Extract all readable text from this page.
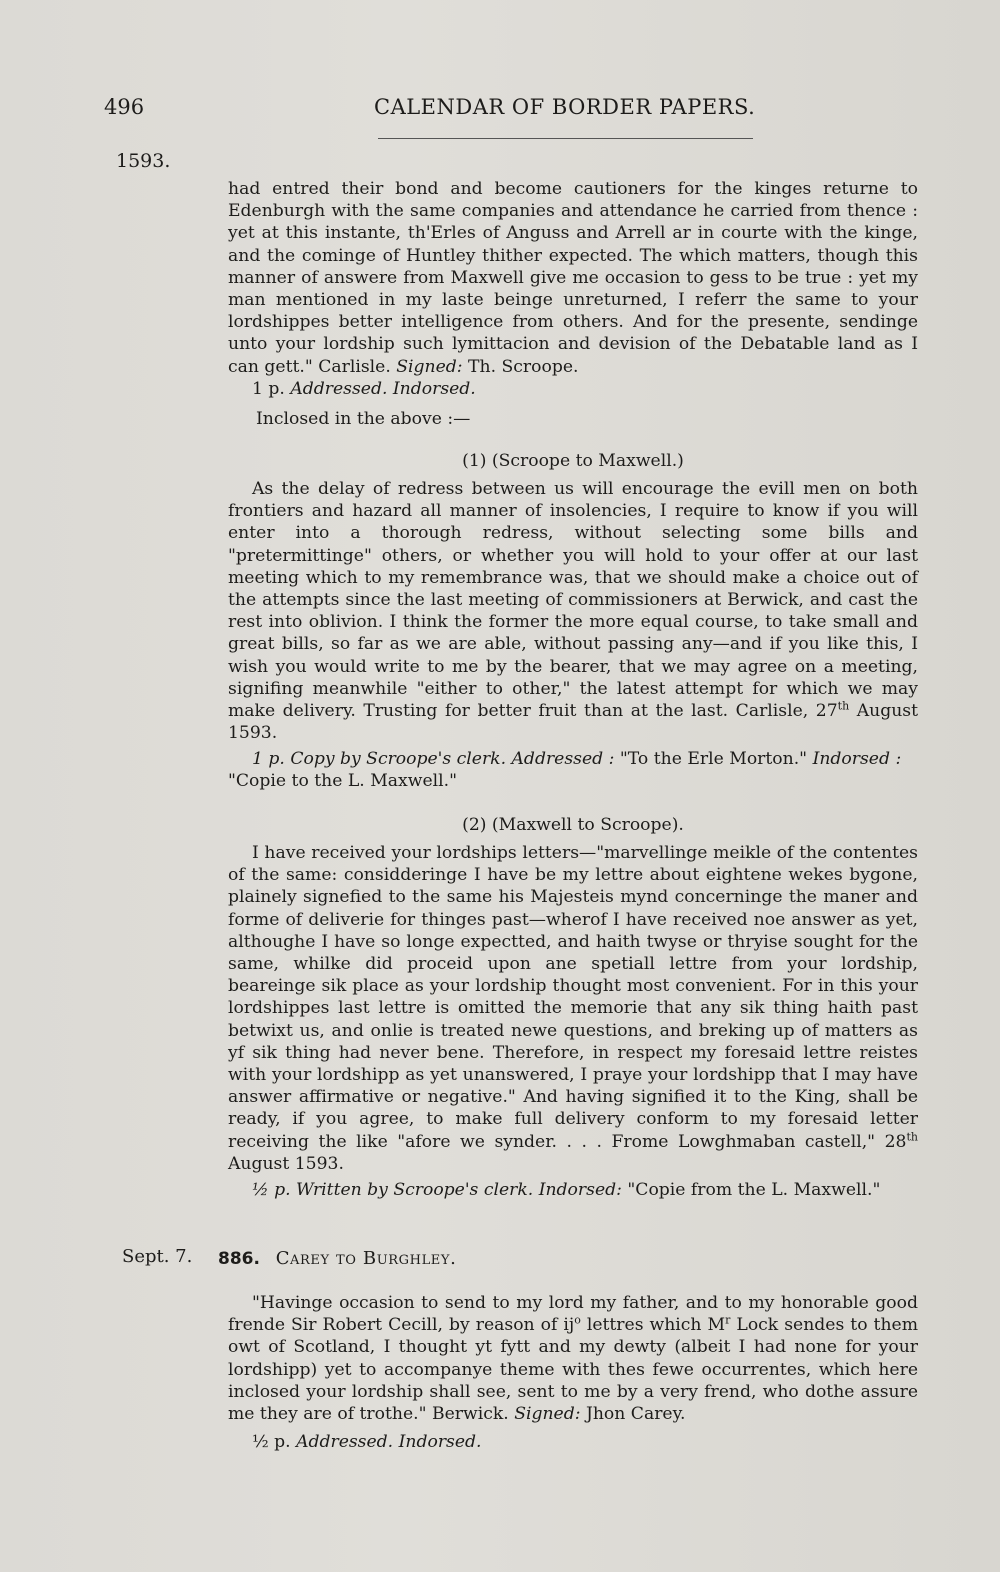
496	CALENDAR OF BORDER PAPERS.
1593.

had entred their bond and become cautioners for the kinges returne to Edenburgh with the same companies and attendance he carried from thence : yet at this instante, th'Erles of Anguss and Arrell ar in courte with the kinge, and the cominge of Huntley thither expected. The which matters, though this manner of answere from Maxwell give me occasion to gess to be true : yet my man mentioned in my laste beinge unreturned, I referr the same to your lordshippes better intelligence from others. And for the presente, sendinge unto your lordship such lymittacion and devision of the Debatable land as I can gett." Carlisle. Signed: Th. Scroope.

1 p. Addressed. Indorsed.

Inclosed in the above :—

(1) (Scroope to Maxwell.)

As the delay of redress between us will encourage the evill men on both frontiers and hazard all manner of insolencies, I require to know if you will enter into a thorough redress, without selecting some bills and "pretermittinge" others, or whether you will hold to your offer at our last meeting which to my remembrance was, that we should make a choice out of the attempts since the last meeting of commissioners at Berwick, and cast the rest into oblivion. I think the former the more equal course, to take small and great bills, so far as we are able, without passing any—and if you like this, I wish you would write to me by the bearer, that we may agree on a meeting, signifing meanwhile "either to other," the latest attempt for which we may make delivery. Trusting for better fruit than at the last. Carlisle, 27th August 1593.

1 p. Copy by Scroope's clerk. Addressed : "To the Erle Morton." Indorsed : "Copie to the L. Maxwell."

(2) (Maxwell to Scroope).

I have received your lordships letters—"marvellinge meikle of the contentes of the same: considderinge I have be my lettre about eightene wekes bygone, plainely signefied to the same his Majesteis mynd concerninge the maner and forme of deliverie for thinges past—wherof I have received noe answer as yet, althoughe I have so longe expectted, and haith twyse or thryise sought for the same, whilke did proceid upon ane spetiall lettre from your lordship, beareinge sik place as your lordship thought most convenient. For in this your lordshippes last lettre is omitted the memorie that any sik thing haith past betwixt us, and onlie is treated newe questions, and breking up of matters as yf sik thing had never bene. Therefore, in respect my foresaid lettre reistes with your lordshipp as yet unanswered, I praye your lordshipp that I may have answer affirmative or negative." And having signified it to the King, shall be ready, if you agree, to make full delivery conform to my foresaid letter receiving the like "afore we synder. . . . Frome Lowghmaban castell," 28th August 1593.

½ p. Written by Scroope's clerk. Indorsed: "Copie from the L. Maxwell."

Sept. 7. 886. Carey to Burghley.

"Havinge occasion to send to my lord my father, and to my honorable good frende Sir Robert Cecill, by reason of $ij^o$ lettres which $M^r$ Lock sendes to them owt of Scotland, I thought yt fytt and my dewty (albeit I had none for your lordshipp) yet to accompanye theme with thes fewe occurrentes, which here inclosed your lordship shall see, sent to me by a very frend, who dothe assure me they are of trothe." Berwick. Signed: Jhon Carey.

½ p. Addressed. Indorsed.
